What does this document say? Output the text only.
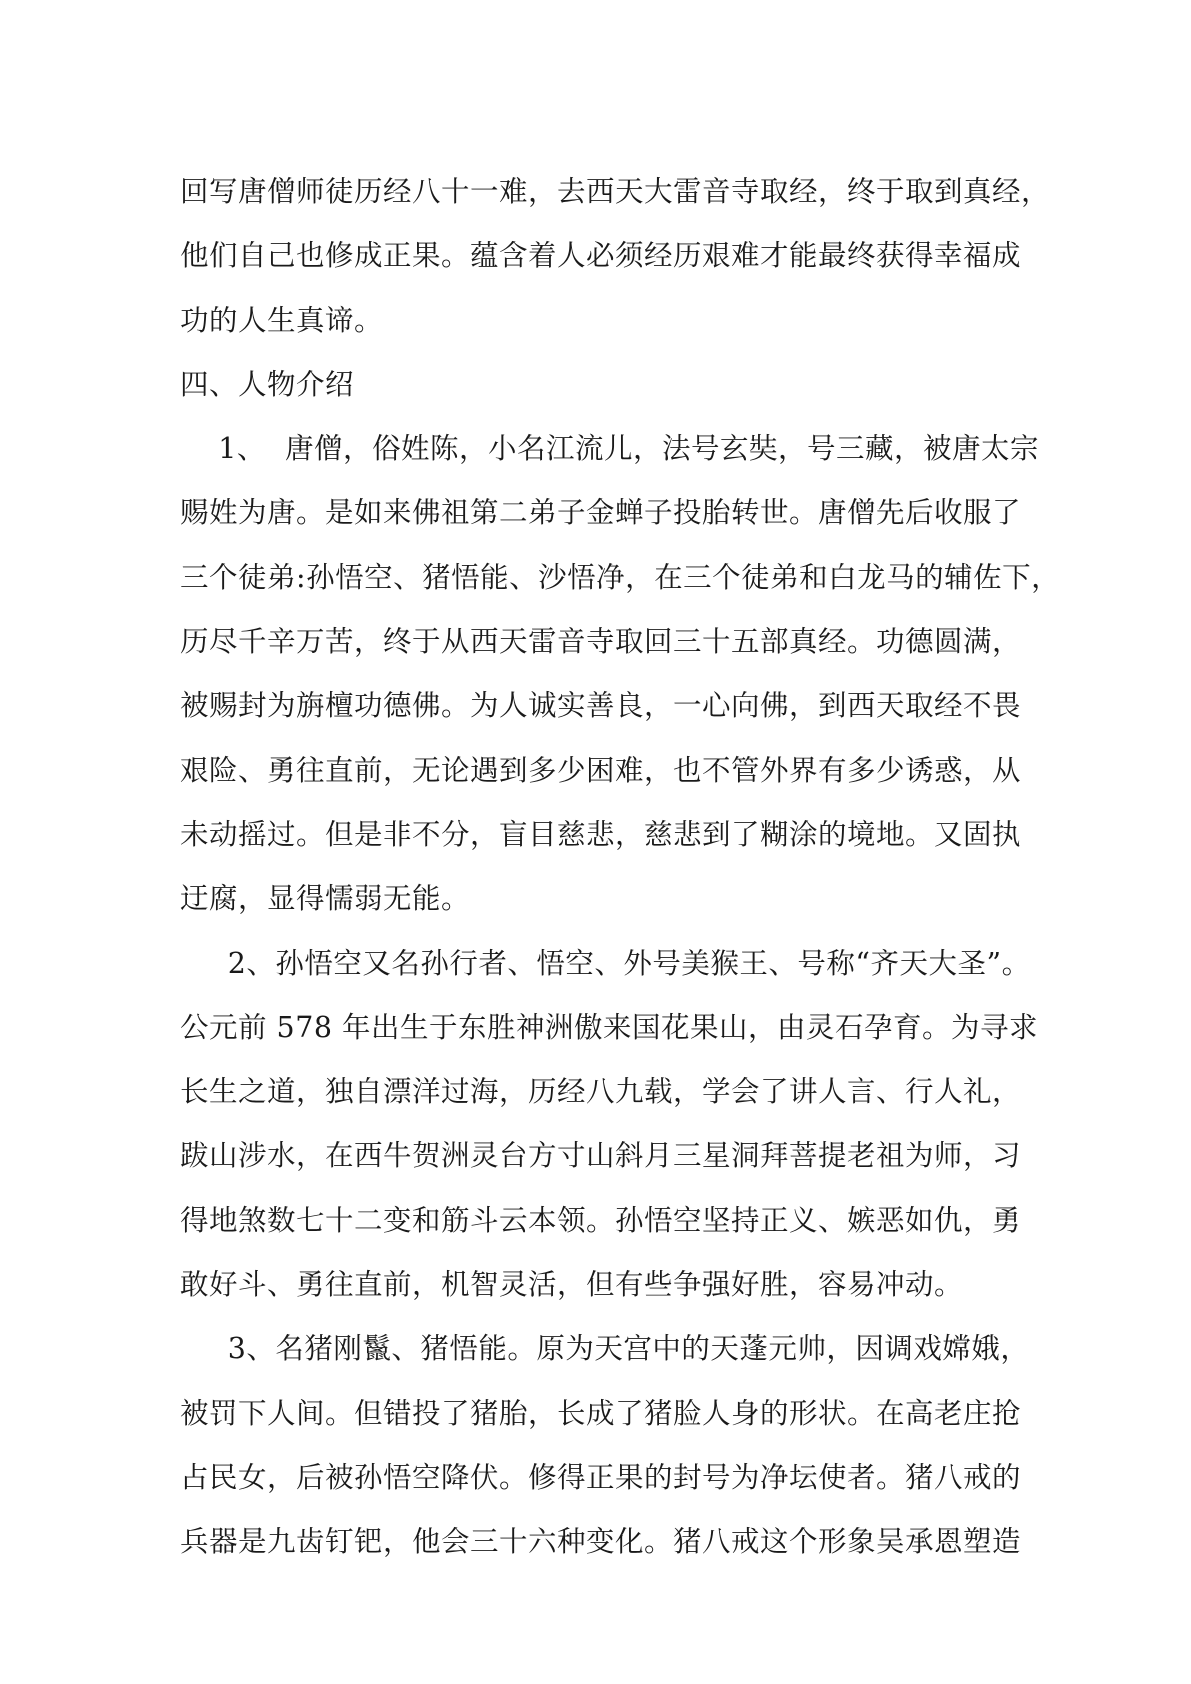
回写唐僧师徒历经八十一难，去西天大雷音寺取经，终于取到真经，
他们自己也修成正果。蕴含着人必须经历艰难才能最终获得幸福成
功的人生真谛。
四、人物介绍
1、  唐僧，俗姓陈，小名江流儿，法号玄奘，号三藏，被唐太宗
赐姓为唐。是如来佛祖第二弟子金蝉子投胎转世。唐僧先后收服了
三个徒弟:孙悟空、猪悟能、沙悟净，在三个徒弟和白龙马的辅佐下，
历尽千辛万苦，终于从西天雷音寺取回三十五部真经。功德圆满，
被赐封为旃檀功德佛。为人诚实善良，一心向佛，到西天取经不畏
艰险、勇往直前，无论遇到多少困难，也不管外界有多少诱惑，从
未动摇过。但是非不分，盲目慈悲，慈悲到了糊涂的境地。又固执
迂腐，显得懦弱无能。
2、孙悟空又名孙行者、悟空、外号美猴王、号称“齐天大圣”。
公元前 578 年出生于东胜神洲傲来国花果山，由灵石孕育。为寻求
长生之道，独自漂洋过海，历经八九载，学会了讲人言、行人礼，
跋山涉水，在西牛贺洲灵台方寸山斜月三星洞拜菩提老祖为师，习
得地煞数七十二变和筋斗云本领。孙悟空坚持正义、嫉恶如仇，勇
敢好斗、勇往直前，机智灵活，但有些争强好胜，容易冲动。
3、名猪刚鬣、猪悟能。原为天宫中的天蓬元帅，因调戏嫦娥，
被罚下人间。但错投了猪胎，长成了猪脸人身的形状。在高老庄抢
占民女，后被孙悟空降伏。修得正果的封号为净坛使者。猪八戒的
兵器是九齿钉钯，他会三十六种变化。猪八戒这个形象吴承恩塑造
